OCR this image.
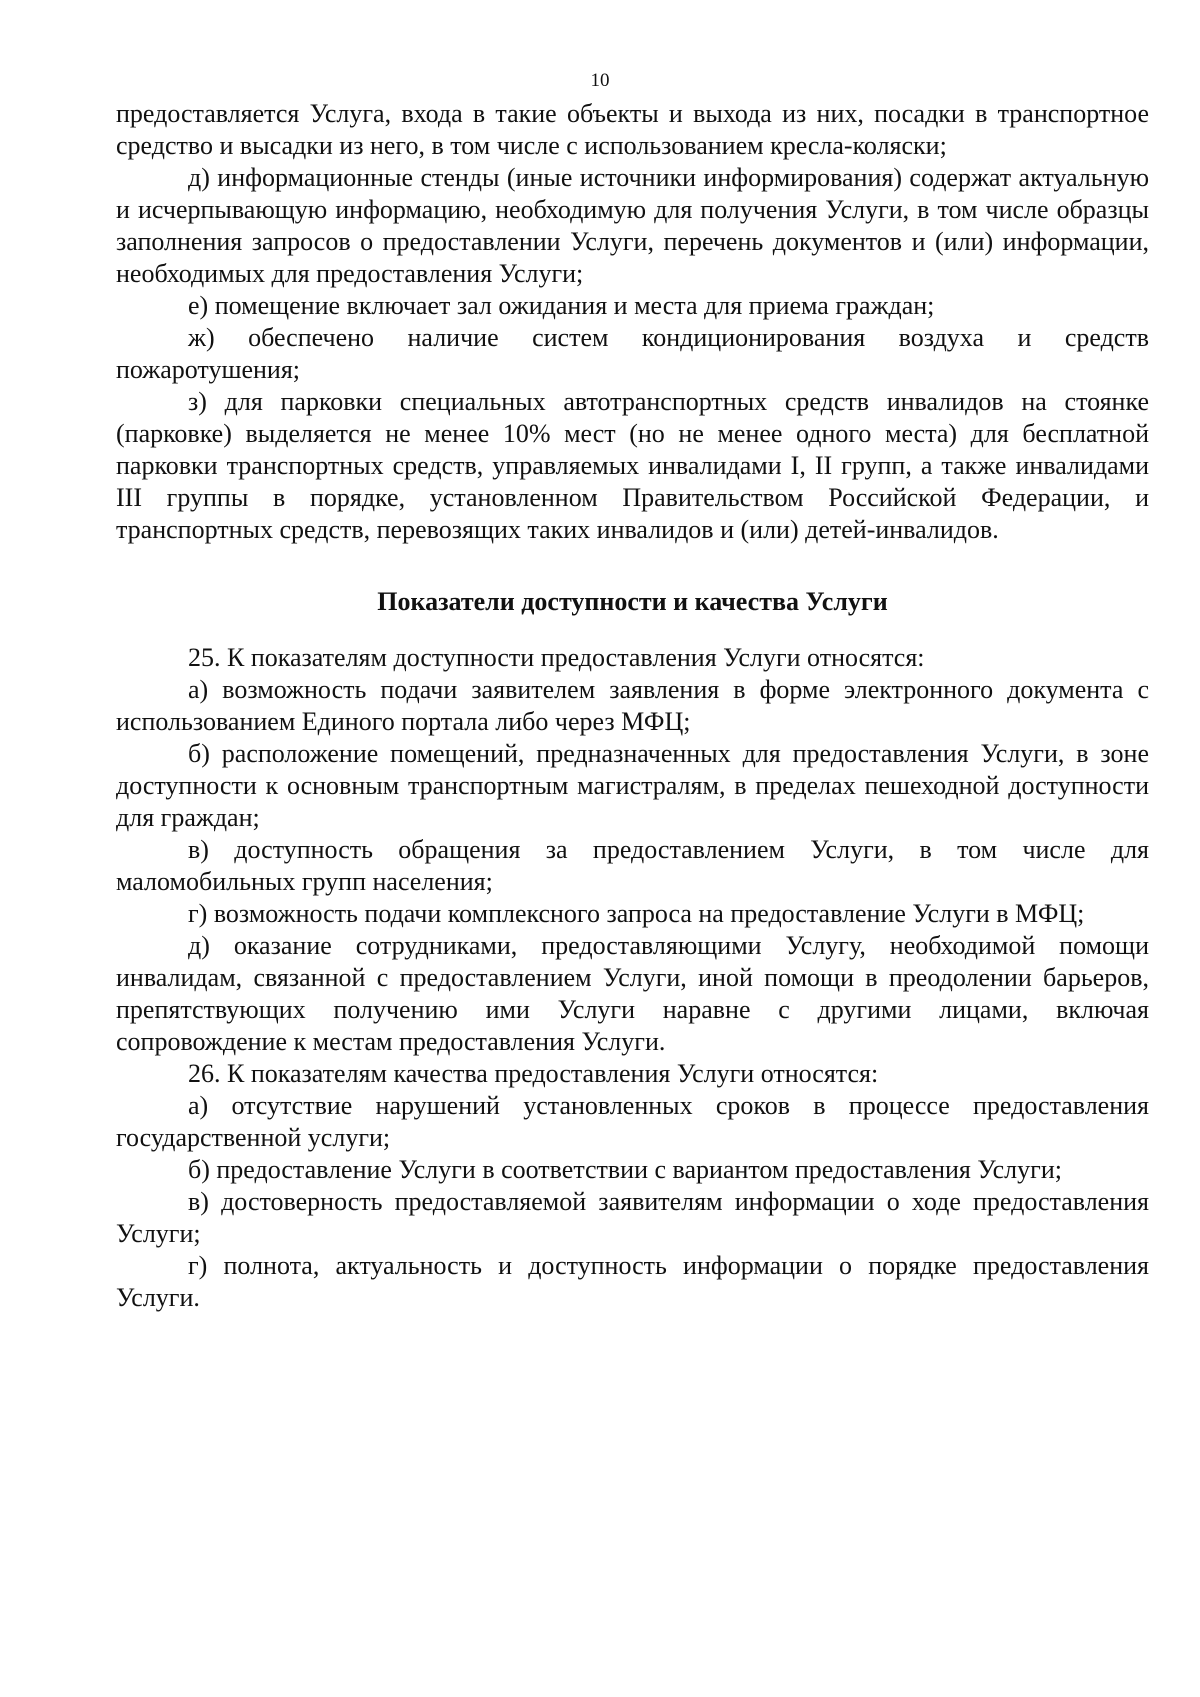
10

предоставляется Услуга, входа в такие объекты и выхода из них, посадки в транспортное средство и высадки из него, в том числе с использованием кресла-коляски;

д) информационные стенды (иные источники информирования) содержат актуальную и исчерпывающую информацию, необходимую для получения Услуги, в том числе образцы заполнения запросов о предоставлении Услуги, перечень документов и (или) информации, необходимых для предоставления Услуги;

е) помещение включает зал ожидания и места для приема граждан;

ж) обеспечено наличие систем кондиционирования воздуха и средств пожаротушения;

з) для парковки специальных автотранспортных средств инвалидов на стоянке (парковке) выделяется не менее 10% мест (но не менее одного места) для бесплатной парковки транспортных средств, управляемых инвалидами I, II групп, а также инвалидами III группы в порядке, установленном Правительством Российской Федерации, и транспортных средств, перевозящих таких инвалидов и (или) детей-инвалидов.

Показатели доступности и качества Услуги

25. К показателям доступности предоставления Услуги относятся:

а) возможность подачи заявителем заявления в форме электронного документа с использованием Единого портала либо через МФЦ;

б) расположение помещений, предназначенных для предоставления Услуги, в зоне доступности к основным транспортным магистралям, в пределах пешеходной доступности для граждан;

в) доступность обращения за предоставлением Услуги, в том числе для маломобильных групп населения;

г) возможность подачи комплексного запроса на предоставление Услуги в МФЦ;

д) оказание сотрудниками, предоставляющими Услугу, необходимой помощи инвалидам, связанной с предоставлением Услуги, иной помощи в преодолении барьеров, препятствующих получению ими Услуги наравне с другими лицами, включая сопровождение к местам предоставления Услуги.

26. К показателям качества предоставления Услуги относятся:

а) отсутствие нарушений установленных сроков в процессе предоставления государственной услуги;

б) предоставление Услуги в соответствии с вариантом предоставления Услуги;

в) достоверность предоставляемой заявителям информации о ходе предоставления Услуги;

г) полнота, актуальность и доступность информации о порядке предоставления Услуги.
